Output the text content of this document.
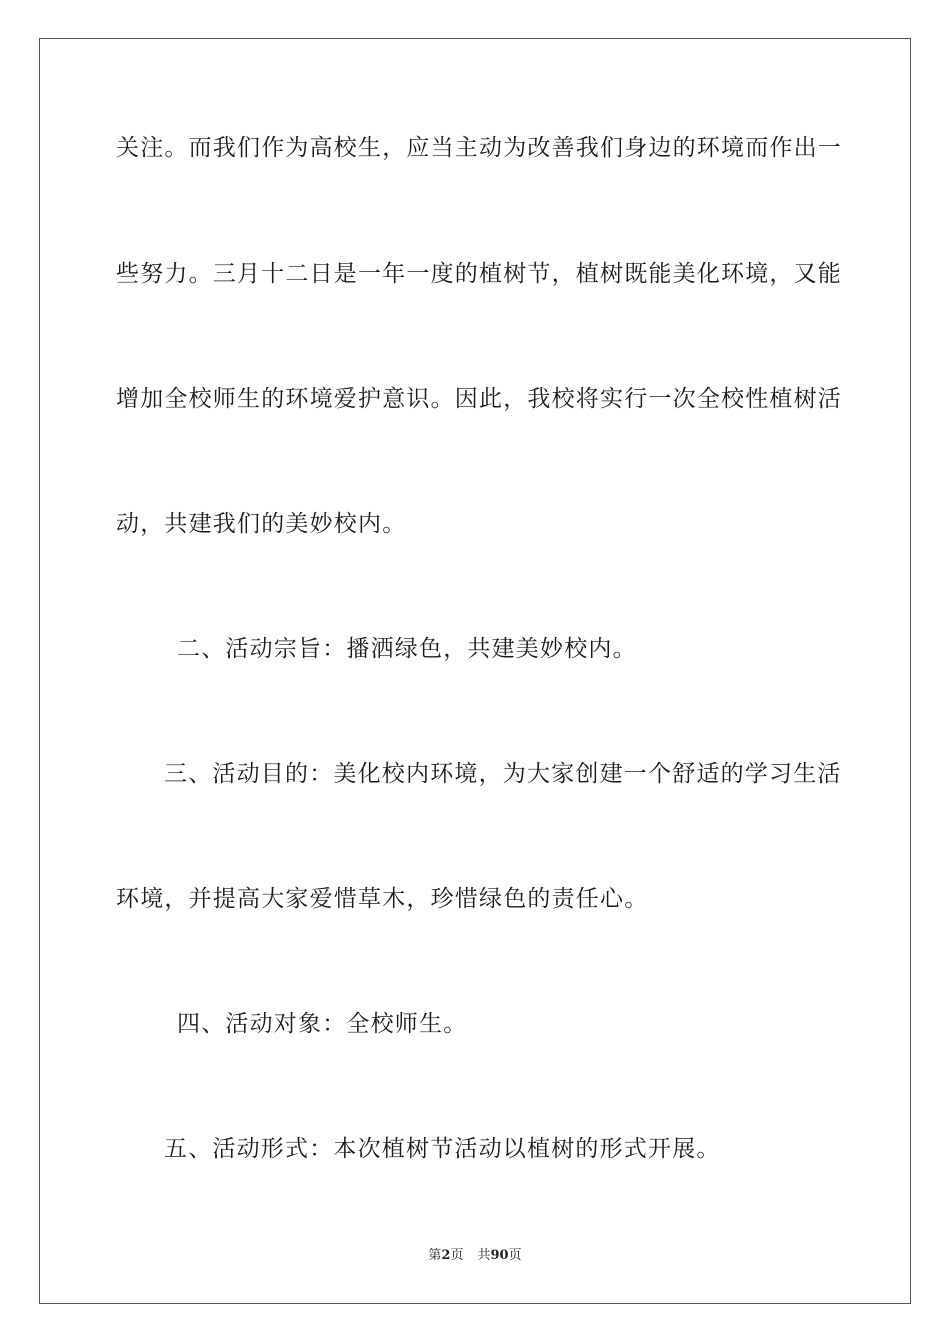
关注。而我们作为高校生，应当主动为改善我们身边的环境而作出一
些努力。三月十二日是一年一度的植树节，植树既能美化环境，又能
增加全校师生的环境爱护意识。因此，我校将实行一次全校性植树活
动，共建我们的美妙校内。
二、活动宗旨：播洒绿色，共建美妙校内。
三、活动目的：美化校内环境，为大家创建一个舒适的学习生活
环境，并提高大家爱惜草木，珍惜绿色的责任心。
四、活动对象：全校师生。
五、活动形式：本次植树节活动以植树的形式开展。
第2页 共90页
